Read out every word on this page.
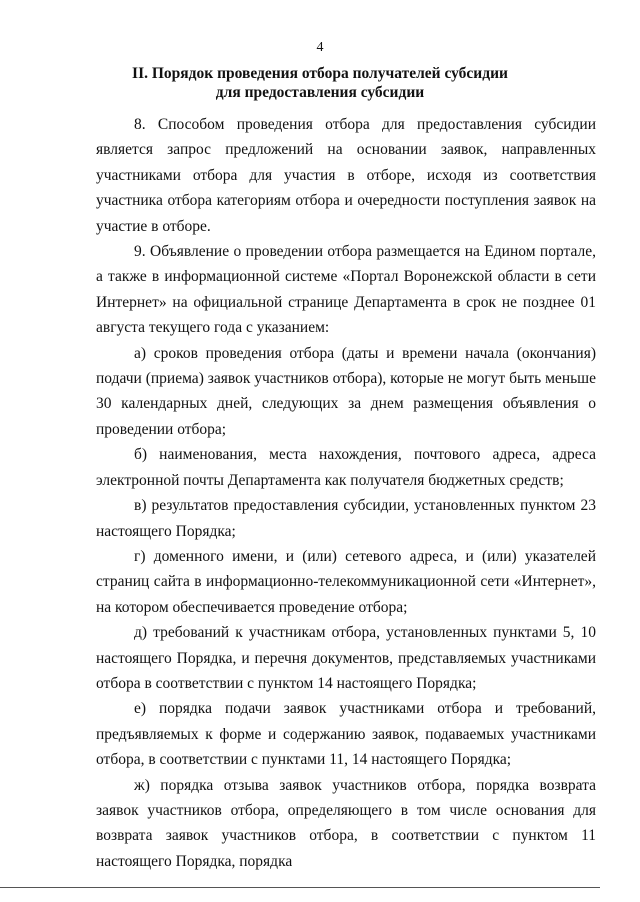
4
II. Порядок проведения отбора получателей субсидии
для предоставления субсидии

8. Способом проведения отбора для предоставления субсидии является запрос предложений на основании заявок, направленных участниками отбора для участия в отборе, исходя из соответствия участника отбора категориям отбора и очередности поступления заявок на участие в отборе.

9. Объявление о проведении отбора размещается на Едином портале, а также в информационной системе «Портал Воронежской области в сети Интернет» на официальной странице Департамента в срок не позднее 01 августа текущего года с указанием:

а) сроков проведения отбора (даты и времени начала (окончания) подачи (приема) заявок участников отбора), которые не могут быть меньше 30 календарных дней, следующих за днем размещения объявления о проведении отбора;

б) наименования, места нахождения, почтового адреса, адреса электронной почты Департамента как получателя бюджетных средств;

в) результатов предоставления субсидии, установленных пунктом 23 настоящего Порядка;

г) доменного имени, и (или) сетевого адреса, и (или) указателей страниц сайта в информационно-телекоммуникационной сети «Интернет», на котором обеспечивается проведение отбора;

д) требований к участникам отбора, установленных пунктами 5, 10 настоящего Порядка, и перечня документов, представляемых участниками отбора в соответствии с пунктом 14 настоящего Порядка;

е) порядка подачи заявок участниками отбора и требований, предъявляемых к форме и содержанию заявок, подаваемых участниками отбора, в соответствии с пунктами 11, 14 настоящего Порядка;

ж) порядка отзыва заявок участников отбора, порядка возврата заявок участников отбора, определяющего в том числе основания для возврата заявок участников отбора, в соответствии с пунктом 11 настоящего Порядка, порядка
